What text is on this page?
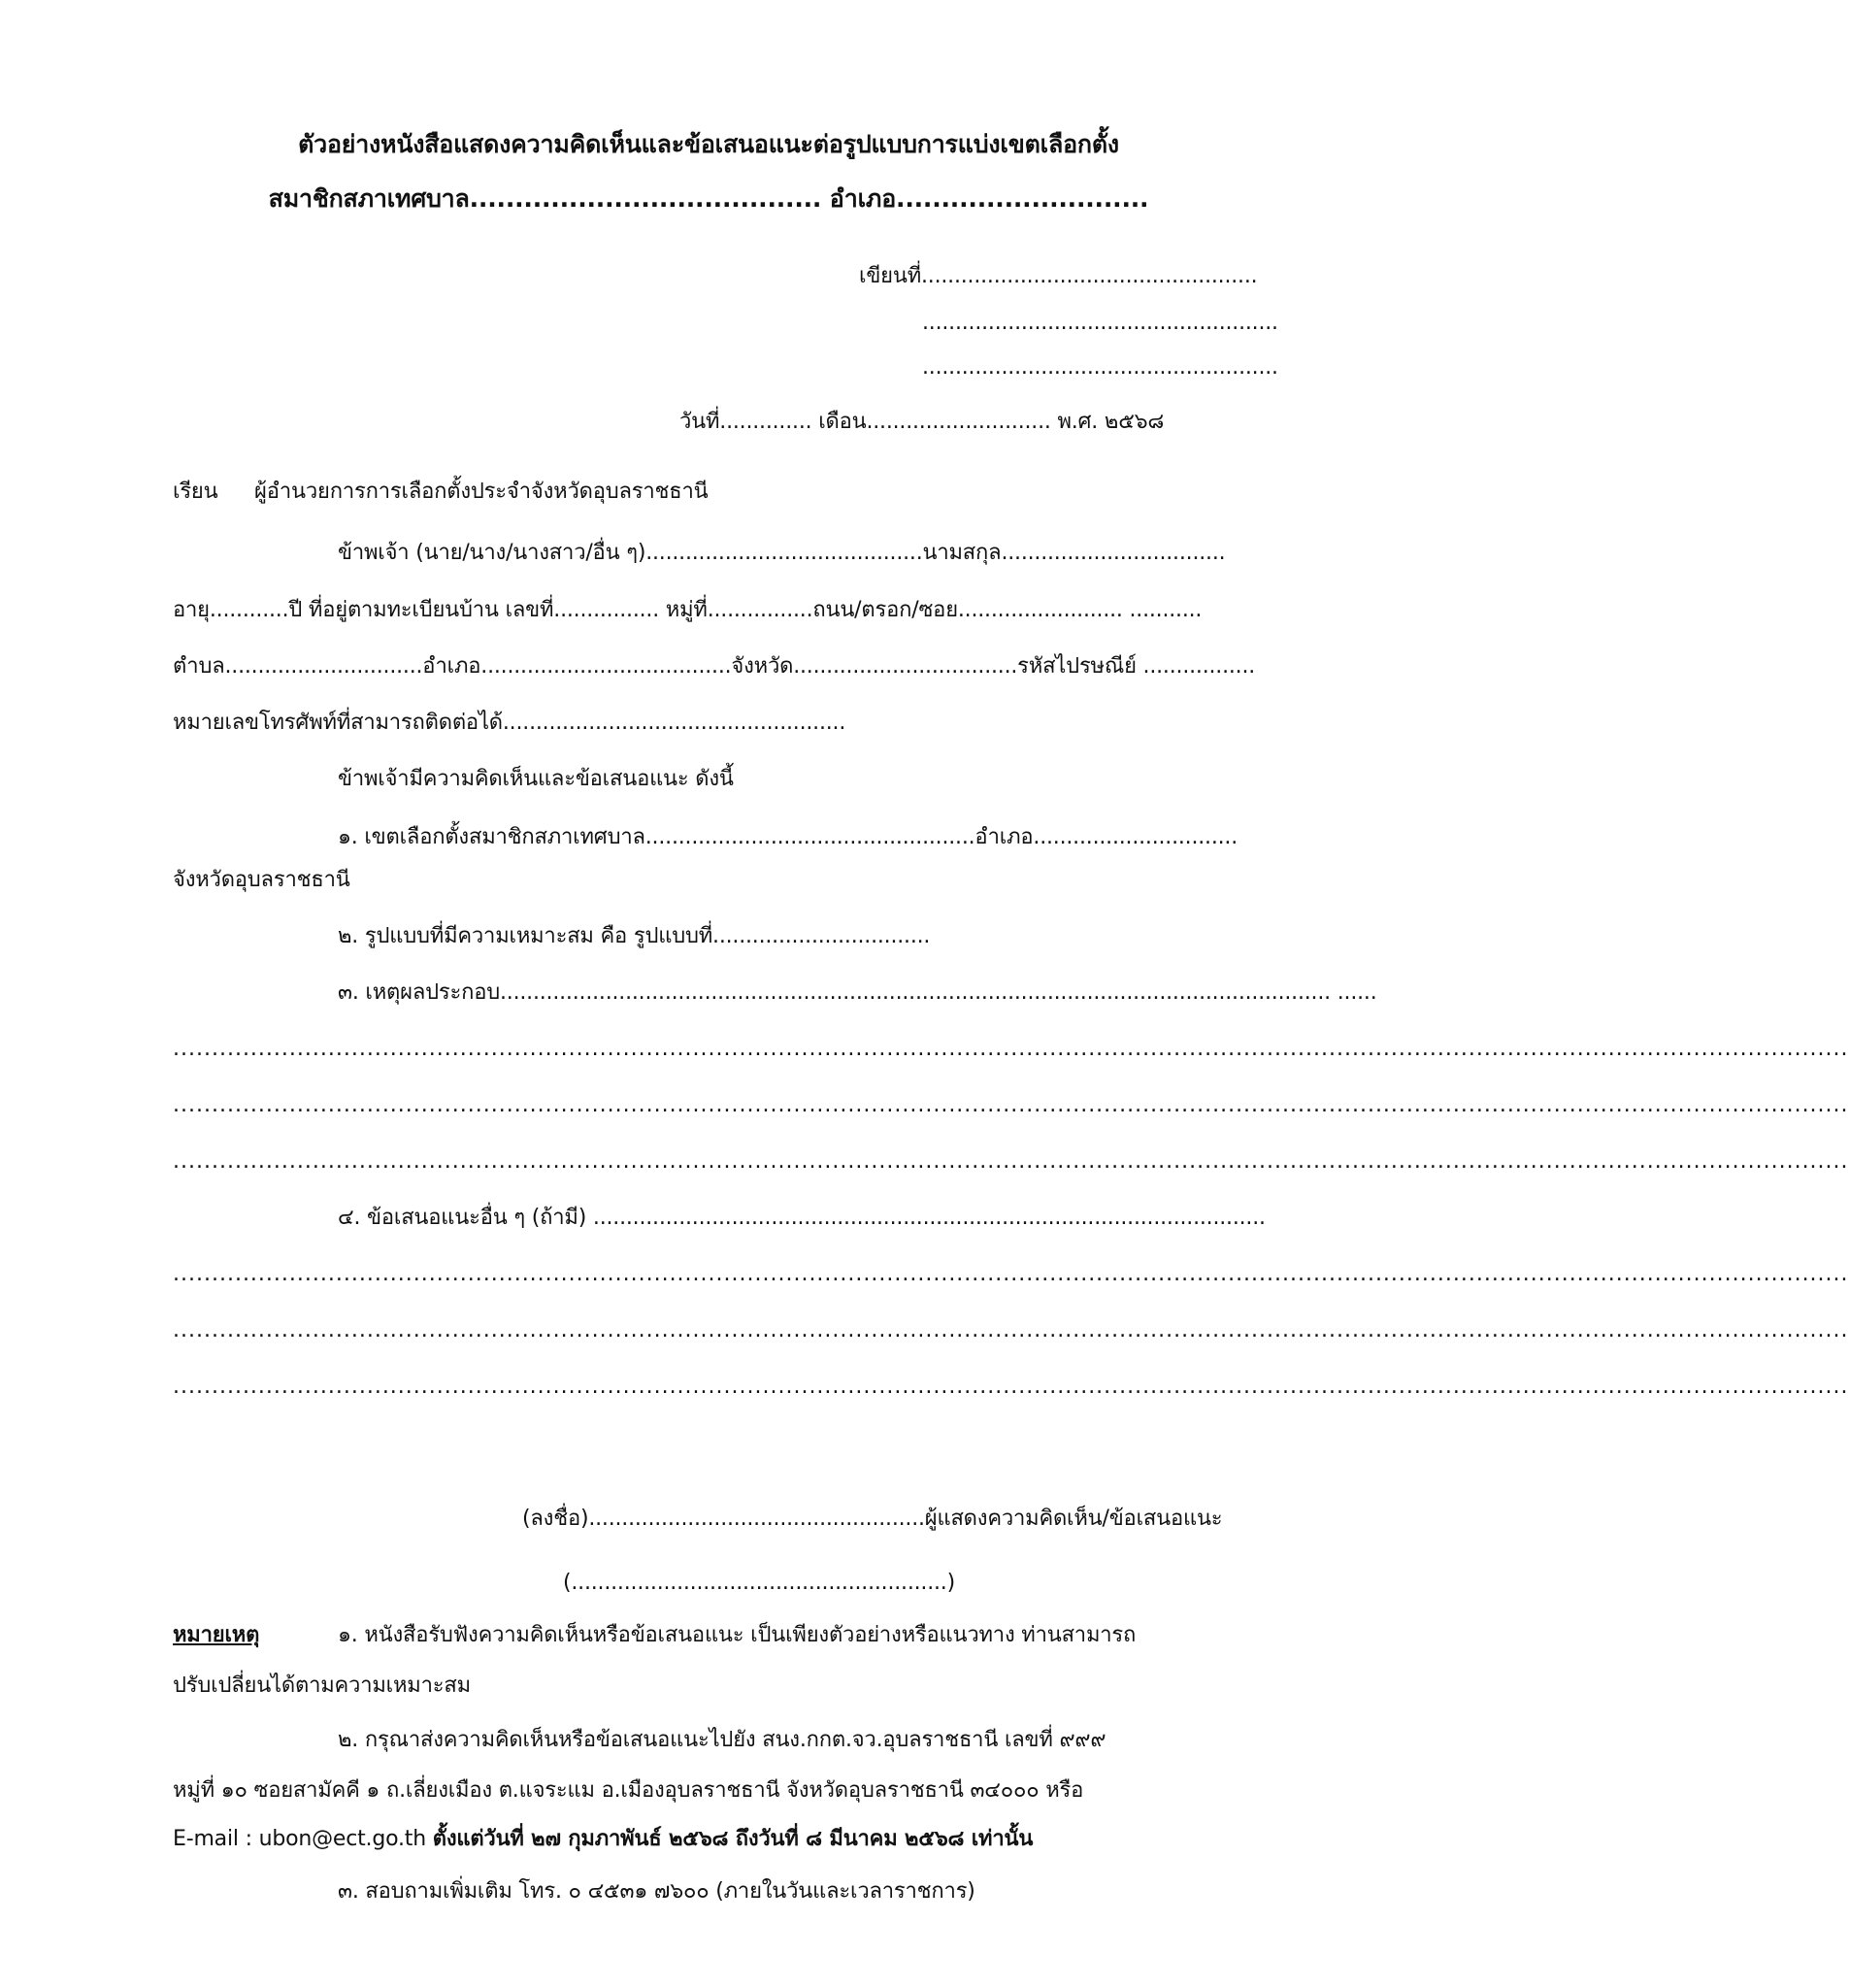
ตัวอย่างหนังสือแสดงความคิดเห็นและข้อเสนอแนะต่อรูปแบบการแบ่งเขตเลือกตั้ง
สมาชิกสภาเทศบาล....................................... อำเภอ............................
เขียนที่...................................................
......................................................
......................................................
วันที่.............. เดือน............................ พ.ศ. ๒๕๖๘
เรียน ผู้อำนวยการการเลือกตั้งประจำจังหวัดอุบลราชธานี
ข้าพเจ้า (นาย/นาง/นางสาว/อื่น ๆ)..........................................นามสกุล..................................
อายุ............ปี ที่อยู่ตามทะเบียนบ้าน เลขที่................ หมู่ที่................ถนน/ตรอก/ซอย......................... ...........
ตำบล..............................อำเภอ......................................จังหวัด..................................รหัสไปรษณีย์ .................
หมายเลขโทรศัพท์ที่สามารถติดต่อได้....................................................
ข้าพเจ้ามีความคิดเห็นและข้อเสนอแนะ ดังนี้
๑. เขตเลือกตั้งสมาชิกสภาเทศบาล..................................................อำเภอ...............................
จังหวัดอุบลราชธานี
๒. รูปแบบที่มีความเหมาะสม คือ รูปแบบที่.................................
๓. เหตุผลประกอบ.............................................................................................................................. ......
........................................................................................................................................................................................................................
........................................................................................................................................................................................................................
........................................................................................................................................................................................................................
๔. ข้อเสนอแนะอื่น ๆ (ถ้ามี) ......................................................................................................
........................................................................................................................................................................................................................
........................................................................................................................................................................................................................
........................................................................................................................................................................................................................
(ลงชื่อ)...................................................ผู้แสดงความคิดเห็น/ข้อเสนอแนะ
(.........................................................)
หมายเหตุ	๑. หนังสือรับฟังความคิดเห็นหรือข้อเสนอแนะ เป็นเพียงตัวอย่างหรือแนวทาง ท่านสามารถ
ปรับเปลี่ยนได้ตามความเหมาะสม
๒. กรุณาส่งความคิดเห็นหรือข้อเสนอแนะไปยัง สนง.กกต.จว.อุบลราชธานี เลขที่ ๙๙๙
หมู่ที่ ๑๐ ซอยสามัคคี ๑ ถ.เลี่ยงเมือง ต.แจระแม อ.เมืองอุบลราชธานี จังหวัดอุบลราชธานี ๓๔๐๐๐ หรือ
E-mail : ubon@ect.go.th ตั้งแต่วันที่ ๒๗ กุมภาพันธ์ ๒๕๖๘ ถึงวันที่ ๘ มีนาคม ๒๕๖๘ เท่านั้น
๓. สอบถามเพิ่มเติม โทร. ๐ ๔๕๓๑ ๗๖๐๐ (ภายในวันและเวลาราชการ)
